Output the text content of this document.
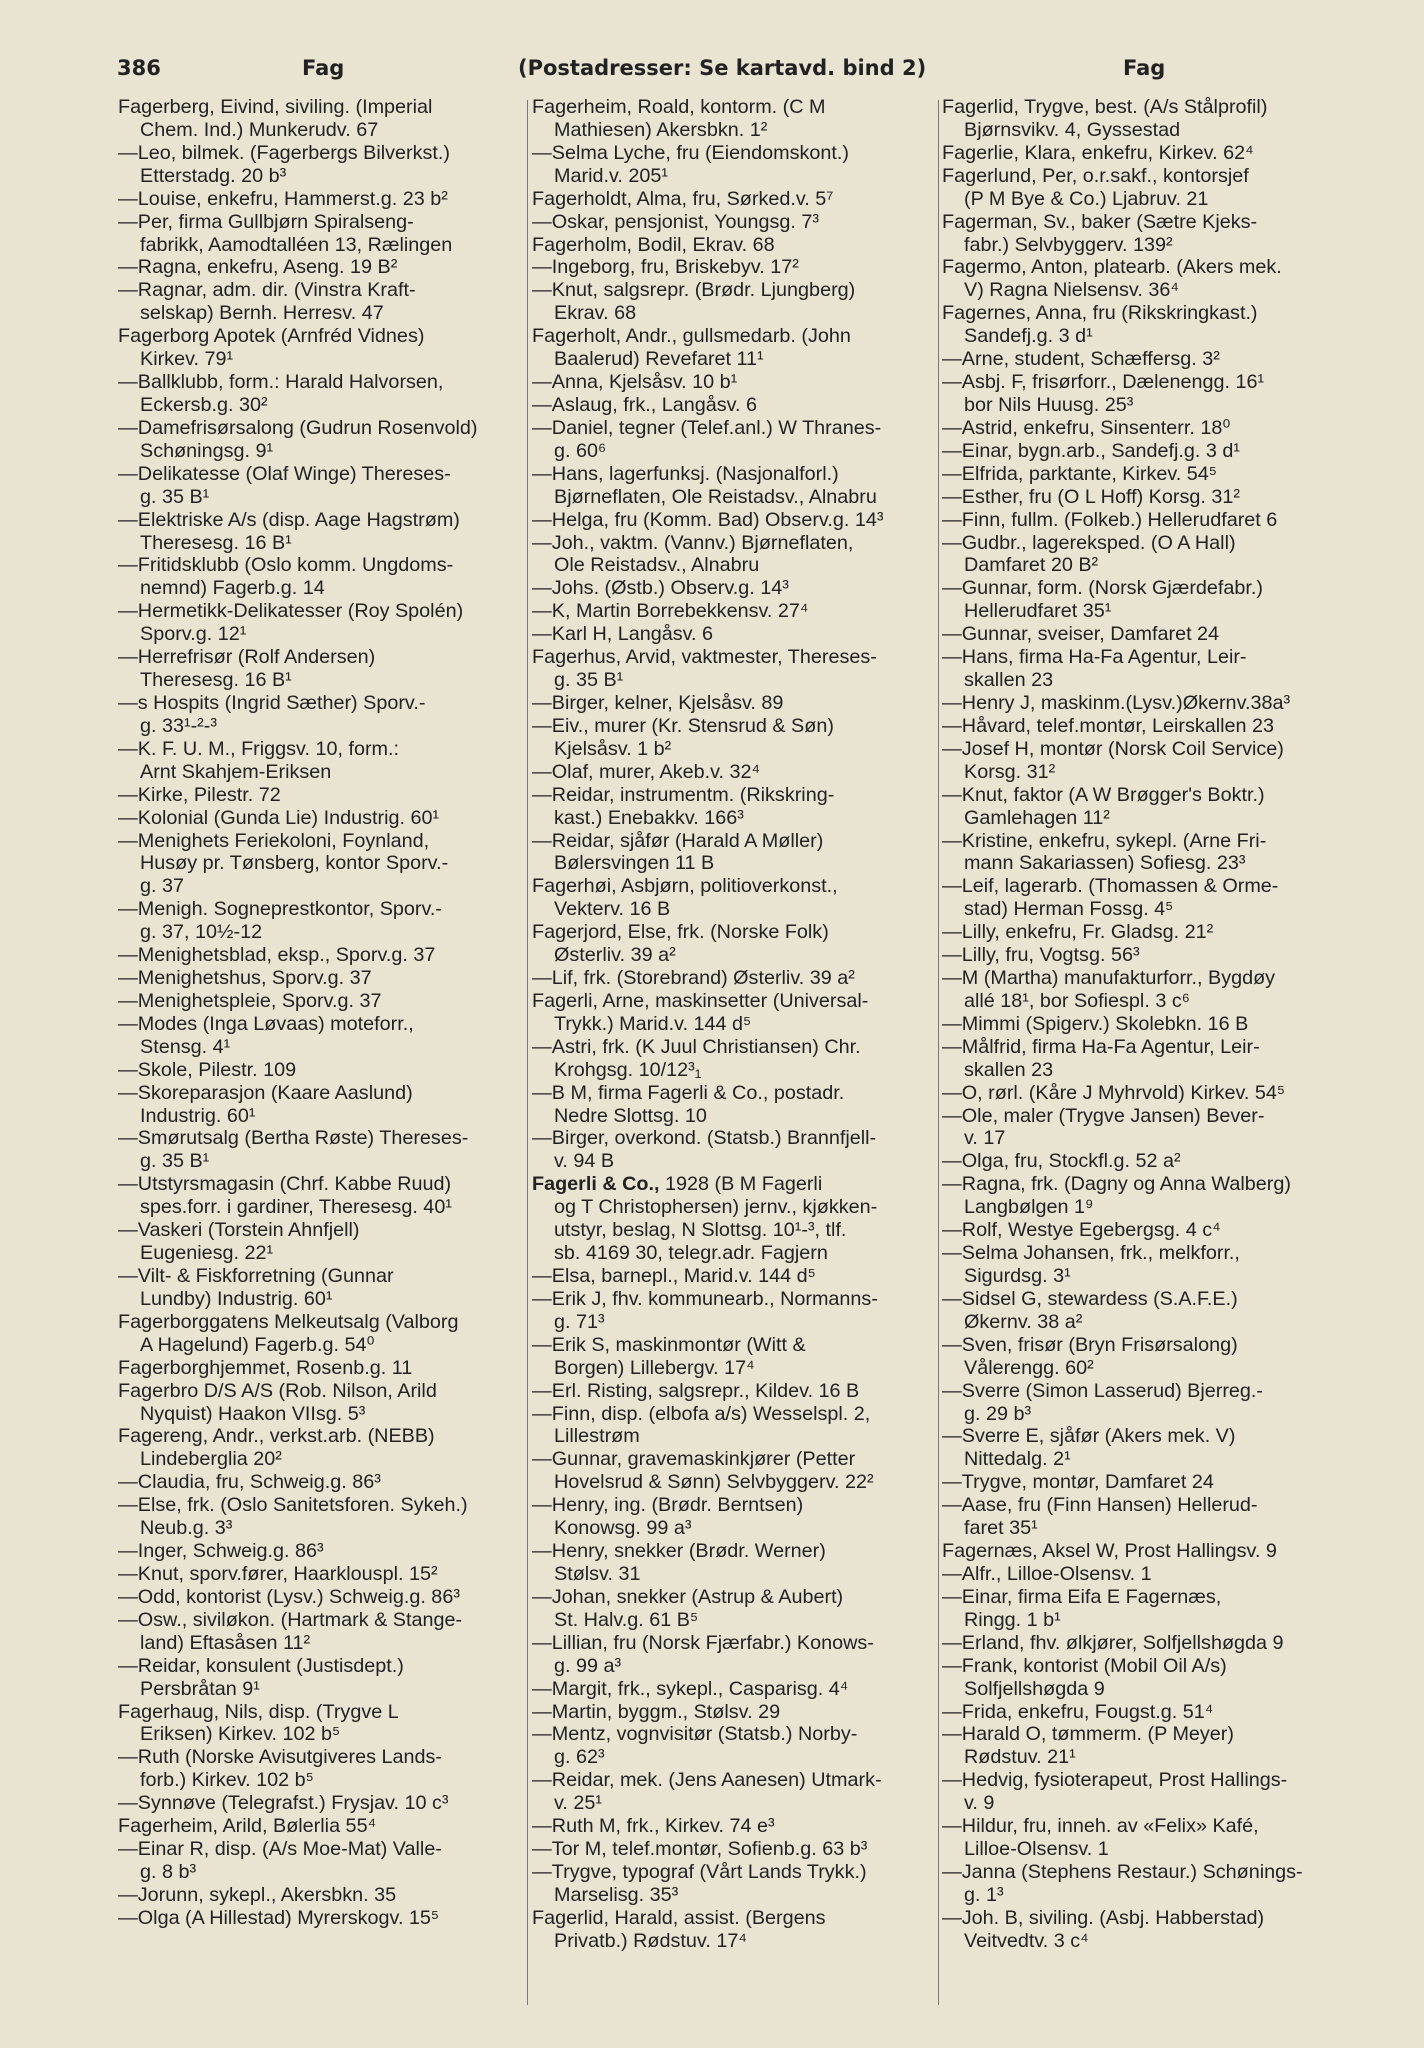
386	Fag	(Postadresser: Se kartavd. bind 2)	Fag
Fagerberg, Eivind, siviling. (Imperial
Chem. Ind.) Munkerudv. 67
—Leo, bilmek. (Fagerbergs Bilverkst.)
Etterstadg. 20 b³
—Louise, enkefru, Hammerst.g. 23 b²
—Per, firma Gullbjørn Spiralseng-
fabrikk, Aamodtalléen 13, Rælingen
—Ragna, enkefru, Aseng. 19 B²
—Ragnar, adm. dir. (Vinstra Kraft-
selskap) Bernh. Herresv. 47
Fagerborg Apotek (Arnfréd Vidnes)
Kirkev. 79¹
—Ballklubb, form.: Harald Halvorsen,
Eckersb.g. 30²
—Damefrisørsalong (Gudrun Rosenvold)
Schøningsg. 9¹
—Delikatesse (Olaf Winge) Thereses-
g. 35 B¹
—Elektriske A/s (disp. Aage Hagstrøm)
Theresesg. 16 B¹
—Fritidsklubb (Oslo komm. Ungdoms-
nemnd) Fagerb.g. 14
—Hermetikk-Delikatesser (Roy Spolén)
Sporv.g. 12¹
—Herrefrisør (Rolf Andersen)
Theresesg. 16 B¹
—s Hospits (Ingrid Sæther) Sporv.-
g. 33¹-²-³
—K. F. U. M., Friggsv. 10, form.:
Arnt Skahjem-Eriksen
—Kirke, Pilestr. 72
—Kolonial (Gunda Lie) Industrig. 60¹
—Menighets Feriekoloni, Foynland,
Husøy pr. Tønsberg, kontor Sporv.-
g. 37
—Menigh. Sogneprestkontor, Sporv.-
g. 37, 10½-12
—Menighetsblad, eksp., Sporv.g. 37
—Menighetshus, Sporv.g. 37
—Menighetspleie, Sporv.g. 37
—Modes (Inga Løvaas) moteforr.,
Stensg. 4¹
—Skole, Pilestr. 109
—Skoreparasjon (Kaare Aaslund)
Industrig. 60¹
—Smørutsalg (Bertha Røste) Thereses-
g. 35 B¹
—Utstyrsmagasin (Chrf. Kabbe Ruud)
spes.forr. i gardiner, Theresesg. 40¹
—Vaskeri (Torstein Ahnfjell)
Eugeniesg. 22¹
—Vilt- & Fiskforretning (Gunnar
Lundby) Industrig. 60¹
Fagerborggatens Melkeutsalg (Valborg
A Hagelund) Fagerb.g. 54⁰
Fagerborghjemmet, Rosenb.g. 11
Fagerbro D/S A/S (Rob. Nilson, Arild
Nyquist) Haakon VIIsg. 5³
Fagereng, Andr., verkst.arb. (NEBB)
Lindeberglia 20²
—Claudia, fru, Schweig.g. 86³
—Else, frk. (Oslo Sanitetsforen. Sykeh.)
Neub.g. 3³
—Inger, Schweig.g. 86³
—Knut, sporv.fører, Haarklouspl. 15²
—Odd, kontorist (Lysv.) Schweig.g. 86³
—Osw., siviløkon. (Hartmark & Stange-
land) Eftasåsen 11²
—Reidar, konsulent (Justisdept.)
Persbråtan 9¹
Fagerhaug, Nils, disp. (Trygve L
Eriksen) Kirkev. 102 b⁵
—Ruth (Norske Avisutgiveres Lands-
forb.) Kirkev. 102 b⁵
—Synnøve (Telegrafst.) Frysjav. 10 c³
Fagerheim, Arild, Bølerlia 55⁴
—Einar R, disp. (A/s Moe-Mat) Valle-
g. 8 b³
—Jorunn, sykepl., Akersbkn. 35
—Olga (A Hillestad) Myrerskogv. 15⁵
Fagerheim, Roald, kontorm. (C M
Mathiesen) Akersbkn. 1²
—Selma Lyche, fru (Eiendomskont.)
Marid.v. 205¹
Fagerholdt, Alma, fru, Sørked.v. 5⁷
—Oskar, pensjonist, Youngsg. 7³
Fagerholm, Bodil, Ekrav. 68
—Ingeborg, fru, Briskebyv. 17²
—Knut, salgsrepr. (Brødr. Ljungberg)
Ekrav. 68
Fagerholt, Andr., gullsmedarb. (John
Baalerud) Revefaret 11¹
—Anna, Kjelsåsv. 10 b¹
—Aslaug, frk., Langåsv. 6
—Daniel, tegner (Telef.anl.) W Thranes-
g. 60⁶
—Hans, lagerfunksj. (Nasjonalforl.)
Bjørneflaten, Ole Reistadsv., Alnabru
—Helga, fru (Komm. Bad) Observ.g. 14³
—Joh., vaktm. (Vannv.) Bjørneflaten,
Ole Reistadsv., Alnabru
—Johs. (Østb.) Observ.g. 14³
—K, Martin Borrebekkensv. 27⁴
—Karl H, Langåsv. 6
Fagerhus, Arvid, vaktmester, Thereses-
g. 35 B¹
—Birger, kelner, Kjelsåsv. 89
—Eiv., murer (Kr. Stensrud & Søn)
Kjelsåsv. 1 b²
—Olaf, murer, Akeb.v. 32⁴
—Reidar, instrumentm. (Rikskring-
kast.) Enebakkv. 166³
—Reidar, sjåfør (Harald A Møller)
Bølersvingen 11 B
Fagerhøi, Asbjørn, politioverkonst.,
Vekterv. 16 B
Fagerjord, Else, frk. (Norske Folk)
Østerliv. 39 a²
—Lif, frk. (Storebrand) Østerliv. 39 a²
Fagerli, Arne, maskinsetter (Universal-
Trykk.) Marid.v. 144 d⁵
—Astri, frk. (K Juul Christiansen) Chr.
Krohgsg. 10/12³₁
—B M, firma Fagerli & Co., postadr.
Nedre Slottsg. 10
—Birger, overkond. (Statsb.) Brannfjell-
v. 94 B
Fagerli & Co., 1928 (B M Fagerli
og T Christophersen) jernv., kjøkken-
utstyr, beslag, N Slottsg. 10¹-³, tlf.
sb. 4169 30, telegr.adr. Fagjern
—Elsa, barnepl., Marid.v. 144 d⁵
—Erik J, fhv. kommunearb., Normanns-
g. 71³
—Erik S, maskinmontør (Witt &
Borgen) Lillebergv. 17⁴
—Erl. Risting, salgsrepr., Kildev. 16 B
—Finn, disp. (elbofa a/s) Wesselspl. 2,
Lillestrøm
—Gunnar, gravemaskinkjører (Petter
Hovelsrud & Sønn) Selvbyggerv. 22²
—Henry, ing. (Brødr. Berntsen)
Konowsg. 99 a³
—Henry, snekker (Brødr. Werner)
Stølsv. 31
—Johan, snekker (Astrup & Aubert)
St. Halv.g. 61 B⁵
—Lillian, fru (Norsk Fjærfabr.) Konows-
g. 99 a³
—Margit, frk., sykepl., Casparisg. 4⁴
—Martin, byggm., Stølsv. 29
—Mentz, vognvisitør (Statsb.) Norby-
g. 62³
—Reidar, mek. (Jens Aanesen) Utmark-
v. 25¹
—Ruth M, frk., Kirkev. 74 e³
—Tor M, telef.montør, Sofienb.g. 63 b³
—Trygve, typograf (Vårt Lands Trykk.)
Marselisg. 35³
Fagerlid, Harald, assist. (Bergens
Privatb.) Rødstuv. 17⁴
Fagerlid, Trygve, best. (A/s Stålprofil)
Bjørnsvikv. 4, Gyssestad
Fagerlie, Klara, enkefru, Kirkev. 62⁴
Fagerlund, Per, o.r.sakf., kontorsjef
(P M Bye & Co.) Ljabruv. 21
Fagerman, Sv., baker (Sætre Kjeks-
fabr.) Selvbyggerv. 139²
Fagermo, Anton, platearb. (Akers mek.
V) Ragna Nielsensv. 36⁴
Fagernes, Anna, fru (Rikskringkast.)
Sandefj.g. 3 d¹
—Arne, student, Schæffersg. 3²
—Asbj. F, frisørforr., Dælenengg. 16¹
bor Nils Huusg. 25³
—Astrid, enkefru, Sinsenterr. 18⁰
—Einar, bygn.arb., Sandefj.g. 3 d¹
—Elfrida, parktante, Kirkev. 54⁵
—Esther, fru (O L Hoff) Korsg. 31²
—Finn, fullm. (Folkeb.) Hellerudfaret 6
—Gudbr., lagereksped. (O A Hall)
Damfaret 20 B²
—Gunnar, form. (Norsk Gjærdefabr.)
Hellerudfaret 35¹
—Gunnar, sveiser, Damfaret 24
—Hans, firma Ha-Fa Agentur, Leir-
skallen 23
—Henry J, maskinm.(Lysv.)Økernv.38a³
—Håvard, telef.montør, Leirskallen 23
—Josef H, montør (Norsk Coil Service)
Korsg. 31²
—Knut, faktor (A W Brøgger's Boktr.)
Gamlehagen 11²
—Kristine, enkefru, sykepl. (Arne Fri-
mann Sakariassen) Sofiesg. 23³
—Leif, lagerarb. (Thomassen & Orme-
stad) Herman Fossg. 4⁵
—Lilly, enkefru, Fr. Gladsg. 21²
—Lilly, fru, Vogtsg. 56³
—M (Martha) manufakturforr., Bygdøy
allé 18¹, bor Sofiespl. 3 c⁶
—Mimmi (Spigerv.) Skolebkn. 16 B
—Målfrid, firma Ha-Fa Agentur, Leir-
skallen 23
—O, rørl. (Kåre J Myhrvold) Kirkev. 54⁵
—Ole, maler (Trygve Jansen) Bever-
v. 17
—Olga, fru, Stockfl.g. 52 a²
—Ragna, frk. (Dagny og Anna Walberg)
Langbølgen 1⁹
—Rolf, Westye Egebergsg. 4 c⁴
—Selma Johansen, frk., melkforr.,
Sigurdsg. 3¹
—Sidsel G, stewardess (S.A.F.E.)
Økernv. 38 a²
—Sven, frisør (Bryn Frisørsalong)
Vålerengg. 60²
—Sverre (Simon Lasserud) Bjerreg.-
g. 29 b³
—Sverre E, sjåfør (Akers mek. V)
Nittedalg. 2¹
—Trygve, montør, Damfaret 24
—Aase, fru (Finn Hansen) Hellerud-
faret 35¹
Fagernæs, Aksel W, Prost Hallingsv. 9
—Alfr., Lilloe-Olsensv. 1
—Einar, firma Eifa E Fagernæs,
Ringg. 1 b¹
—Erland, fhv. ølkjører, Solfjellshøgda 9
—Frank, kontorist (Mobil Oil A/s)
Solfjellshøgda 9
—Frida, enkefru, Fougst.g. 51⁴
—Harald O, tømmerm. (P Meyer)
Rødstuv. 21¹
—Hedvig, fysioterapeut, Prost Hallings-
v. 9
—Hildur, fru, inneh. av «Felix» Kafé,
Lilloe-Olsensv. 1
—Janna (Stephens Restaur.) Schønings-
g. 1³
—Joh. B, siviling. (Asbj. Habberstad)
Veitvedtv. 3 c⁴
